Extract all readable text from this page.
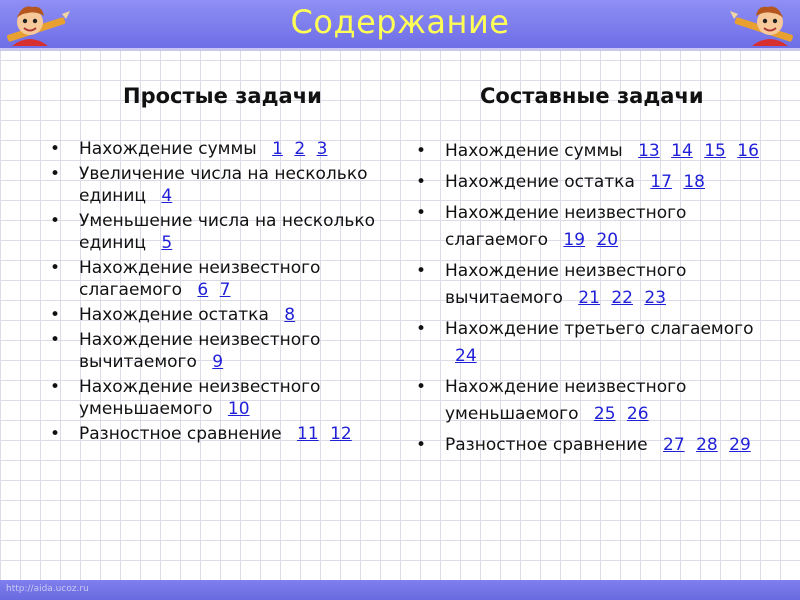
Содержание
Простые задачи	Составные задачи
• Нахождение суммы 1 2 3
• Увеличение числа на несколько единиц 4
• Уменьшение числа на несколько единиц 5
• Нахождение неизвестного слагаемого 6 7
• Нахождение остатка 8
• Нахождение неизвестного вычитаемого 9
• Нахождение неизвестного уменьшаемого 10
• Разностное сравнение 11 12
• Нахождение суммы 13 14 15 16
• Нахождение остатка 17 18
• Нахождение неизвестного слагаемого 19 20
• Нахождение неизвестного вычитаемого 21 22 23
• Нахождение третьего слагаемого 24
• Нахождение неизвестного уменьшаемого 25 26
• Разностное сравнение 27 28 29
http://aida.ucoz.ru
